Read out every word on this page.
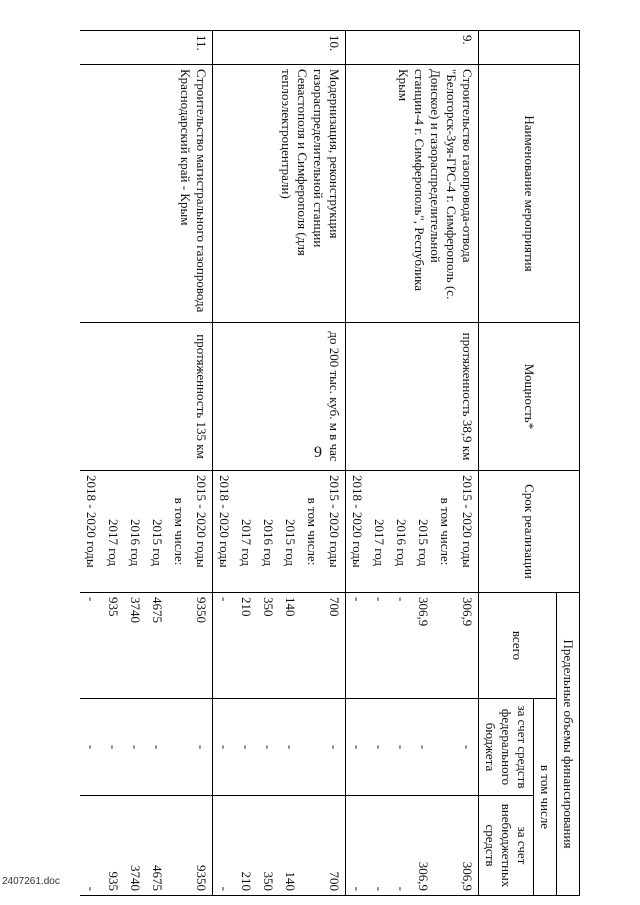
9
	Наименование мероприятия	Мощность*	Срок реализации	Предельные объемы финансирования		
				всего	в том числе	
					за счет средств федерального бюджета	за счет внебюджетных средств
9.	Строительство газопровода-отвода "Белогорск-Зуя-ГРС-4 г. Симферополь (с. Донское) и газораспределительной станции-4 г. Симферополь", Республика Крым	протяженность 38,9 км	2015 - 2020 годы	306,9	-	306,9
			в том числе:			
			2015 год	306,9	-	306,9
			2016 год	-	-	-
			2017 год	-	-	-
			2018 - 2020 годы	-	-	-
10.	Модернизация, реконструкция газораспределительной станции Севастополя и Симферополя (для теплоэлектроцентрали)	до 200 тыс. куб. м в час	2015 - 2020 годы	700	-	700
			в том числе:			
			2015 год	140	-	140
			2016 год	350	-	350
			2017 год	210	-	210
			2018 - 2020 годы	-	-	-
11.	Строительство магистрального газопровода Краснодарский край - Крым	протяженность 135 км	2015 - 2020 годы	9350	-	9350
			в том числе:			
			2015 год	4675	-	4675
			2016 год	3740	-	3740
			2017 год	935	-	935
			2018 - 2020 годы	-	-	-
2407261.doc
